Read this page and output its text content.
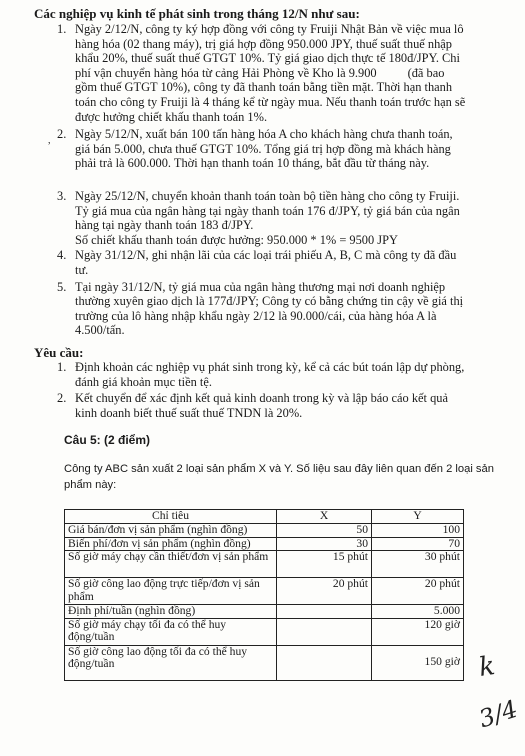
Các nghiệp vụ kinh tế phát sinh trong tháng 12/N như sau:
1. Ngày 2/12/N, công ty ký hợp đồng với công ty Fruiji Nhật Bản về việc mua lô
hàng hóa (02 thang máy), trị giá hợp đồng 950.000 JPY, thuế suất thuế nhập
khẩu 20%, thuế suất thuế GTGT 10%. Tỷ giá giao dịch thực tế 180đ/JPY. Chi
phí vận chuyển hàng hóa từ cảng Hải Phòng về Kho là 9.900          (đã bao
gồm thuế GTGT 10%), công ty đã thanh toán bằng tiền mặt. Thời hạn thanh
toán cho công ty Fruiji là 4 tháng kể từ ngày mua. Nếu thanh toán trước hạn sẽ
được hưởng chiết khấu thanh toán 1%.
2.
, Ngày 5/12/N, xuất bán 100 tấn hàng hóa A cho khách hàng chưa thanh toán,
giá bán 5.000, chưa thuế GTGT 10%. Tổng giá trị hợp đồng mà khách hàng
phải trả là 600.000. Thời hạn thanh toán 10 tháng, bắt đầu từ tháng này.
3. Ngày 25/12/N, chuyển khoản thanh toán toàn bộ tiền hàng cho công ty Fruiji.
Tỷ giá mua của ngân hàng tại ngày thanh toán 176 đ/JPY, tỷ giá bán của ngân
hàng tại ngày thanh toán 183 đ/JPY.
Số chiết khấu thanh toán được hưởng: 950.000 * 1% = 9500 JPY
4. Ngày 31/12/N, ghi nhận lãi của các loại trái phiếu A, B, C mà công ty đã đầu
tư.
5. Tại ngày 31/12/N, tỷ giá mua của ngân hàng thương mại nơi doanh nghiệp
thường xuyên giao dịch là 177đ/JPY; Công ty có bằng chứng tin cậy về giá thị
trường của lô hàng nhập khẩu ngày 2/12 là 90.000/cái, của hàng hóa A là
4.500/tấn.
Yêu cầu:
1. Định khoản các nghiệp vụ phát sinh trong kỳ, kể cả các bút toán lập dự phòng,
đánh giá khoản mục tiền tệ.
2. Kết chuyển để xác định kết quả kinh doanh trong kỳ và lập báo cáo kết quả
kinh doanh biết thuế suất thuế TNDN là 20%.
Câu 5: (2 điểm)
Công ty ABC sản xuất 2 loại sản phẩm X và Y. Số liệu sau đây liên quan đến 2 loại sản
phẩm này:
Chỉ tiêu	X	Y
Giá bán/đơn vị sản phẩm (nghìn đồng)	50	100
Biến phí/đơn vị sản phẩm (nghìn đồng)	30	70
Số giờ máy chạy cần thiết/đơn vị sản phẩm	15 phút	30 phút
Số giờ công lao động trực tiếp/đơn vị sản phẩm	20 phút	20 phút
Định phí/tuần (nghìn đồng)		5.000
Số giờ máy chạy tối đa có thể huy động/tuần		120 giờ
Số giờ công lao động tối đa có thể huy động/tuần		150 giờ k
3/4
